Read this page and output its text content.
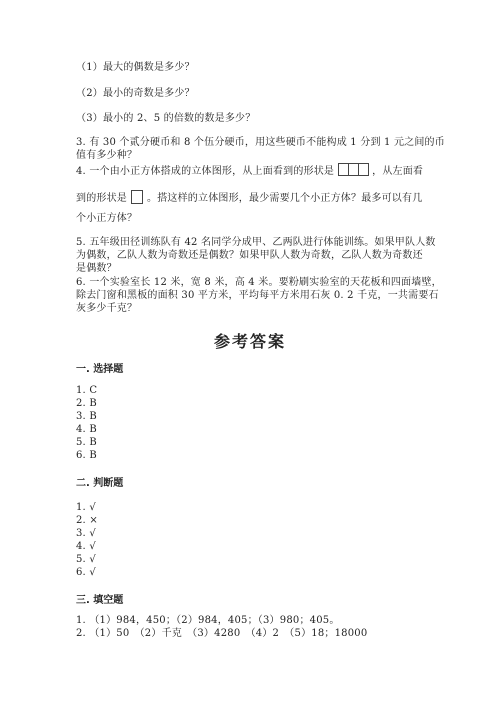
（1）最大的偶数是多少？
（2）最小的奇数是多少？
（3）最小的 2、5 的倍数的数是多少？
3. 有 30 个贰分硬币和 8 个伍分硬币，用这些硬币不能构成 1 分到 1 元之间的币
值有多少种？
4. 一个由小正方体搭成的立体图形，从上面看到的形状是	，从左面看
到的形状是 。搭这样的立体图形，最少需要几个小正方体？最多可以有几
个小正方体？
5. 五年级田径训练队有 42 名同学分成甲、乙两队进行体能训练。如果甲队人数
为偶数，乙队人数为奇数还是偶数？如果甲队人数为奇数，乙队人数为奇数还
是偶数？
6. 一个实验室长 12 米，宽 8 米，高 4 米。要粉刷实验室的天花板和四面墙壁，
除去门窗和黑板的面积 30 平方米，平均每平方米用石灰 0. 2 千克，一共需要石
灰多少千克？
参考答案
一. 选择题
1. C
2. B
3. B
4. B
5. B
6. B
二. 判断题
1. √
2. ×
3. √
4. √
5. √
6. √
三. 填空题
1. （1）984，450；（2）984，405；（3）980；405。
2. （1）50　（2）千克　（3）4280　（4）2　（5）18；18000
